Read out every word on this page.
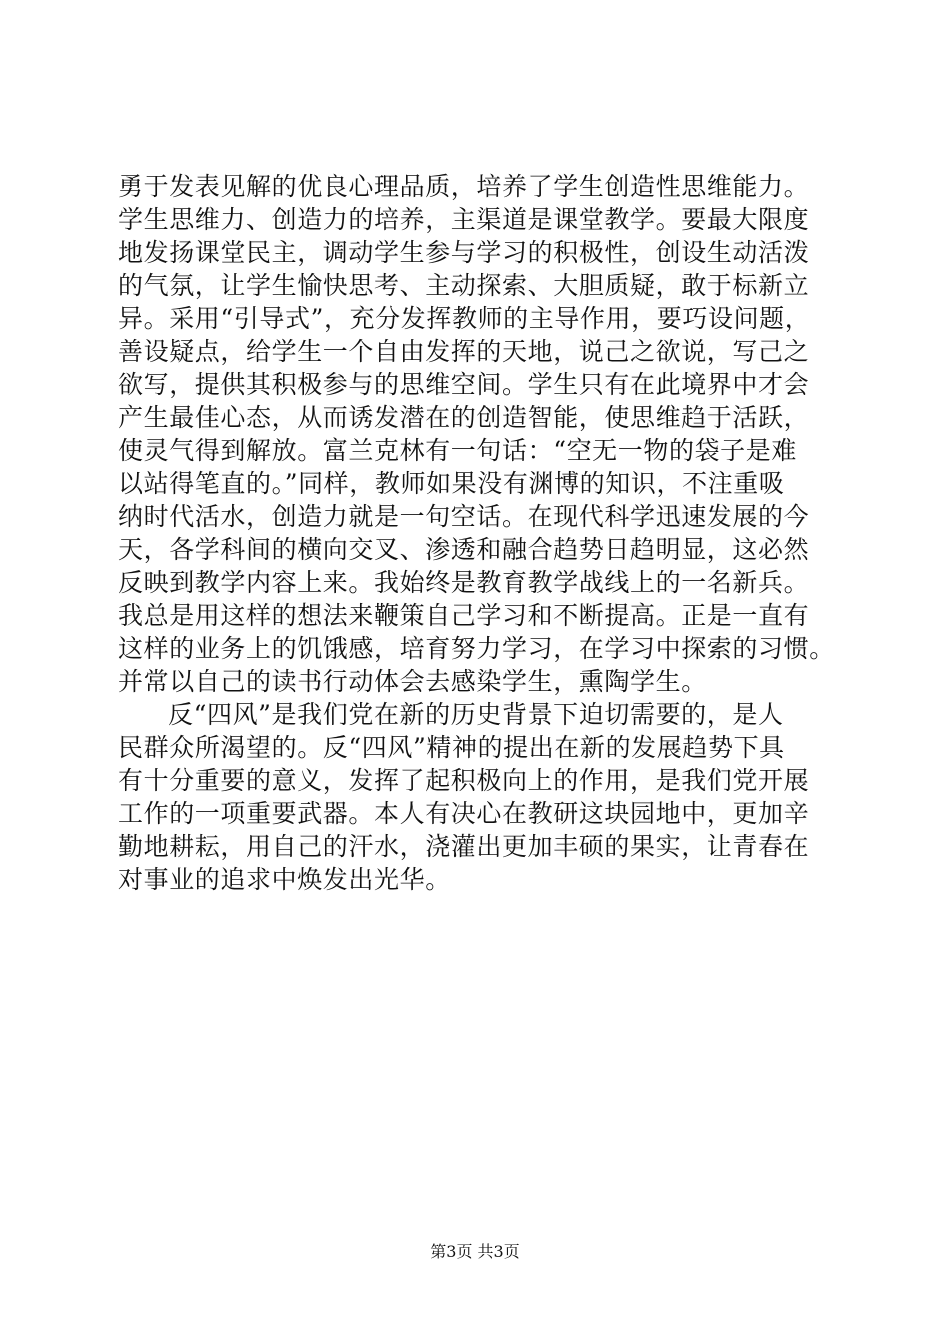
勇于发表见解的优良心理品质，培养了学生创造性思维能力。
学生思维力、创造力的培养，主渠道是课堂教学。要最大限度
地发扬课堂民主，调动学生参与学习的积极性，创设生动活泼
的气氛，让学生愉快思考、主动探索、大胆质疑，敢于标新立
异。采用“引导式”，充分发挥教师的主导作用，要巧设问题，
善设疑点，给学生一个自由发挥的天地，说己之欲说，写己之
欲写，提供其积极参与的思维空间。学生只有在此境界中才会
产生最佳心态，从而诱发潜在的创造智能，使思维趋于活跃，
使灵气得到解放。富兰克林有一句话：“空无一物的袋子是难
以站得笔直的。”同样，教师如果没有渊博的知识，不注重吸
纳时代活水，创造力就是一句空话。在现代科学迅速发展的今
天，各学科间的横向交叉、渗透和融合趋势日趋明显，这必然
反映到教学内容上来。我始终是教育教学战线上的一名新兵。
我总是用这样的想法来鞭策自己学习和不断提高。正是一直有
这样的业务上的饥饿感，培育努力学习，在学习中探索的习惯。
并常以自己的读书行动体会去感染学生，熏陶学生。
反“四风”是我们党在新的历史背景下迫切需要的，是人
民群众所渴望的。反“四风”精神的提出在新的发展趋势下具
有十分重要的意义，发挥了起积极向上的作用，是我们党开展
工作的一项重要武器。本人有决心在教研这块园地中，更加辛
勤地耕耘，用自己的汗水，浇灌出更加丰硕的果实，让青春在
对事业的追求中焕发出光华。
第3页 共3页
